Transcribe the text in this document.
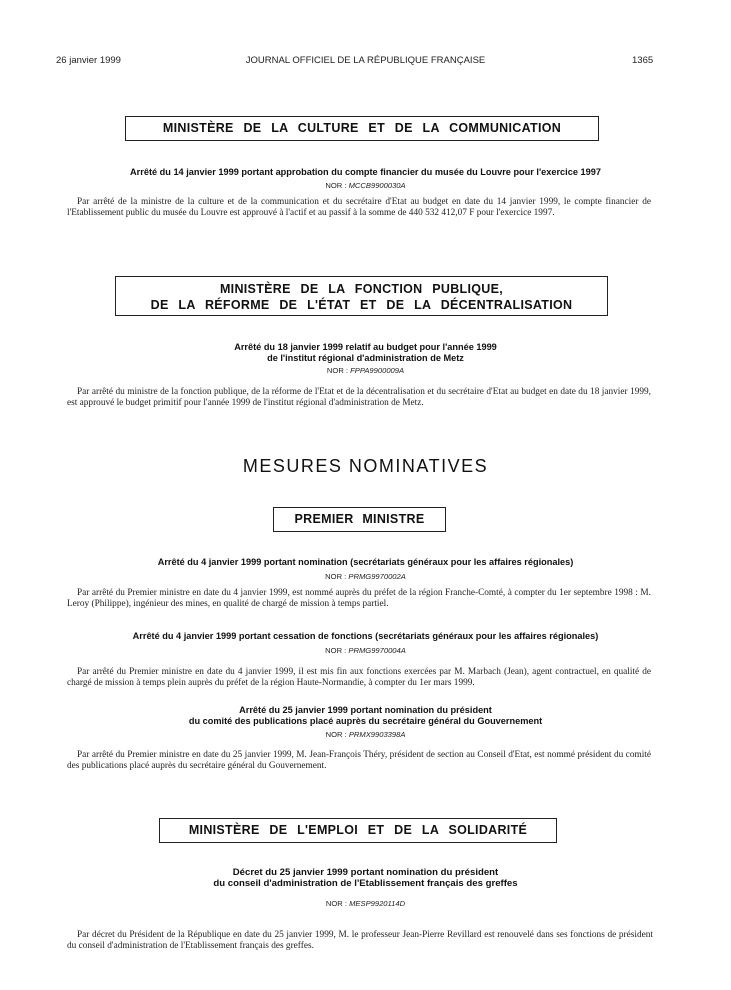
26 janvier 1999	JOURNAL OFFICIEL DE LA RÉPUBLIQUE FRANÇAISE	1365
MINISTÈRE DE LA CULTURE ET DE LA COMMUNICATION
Arrêté du 14 janvier 1999 portant approbation du compte financier du musée du Louvre pour l'exercice 1997
NOR : MCCB9900030A
Par arrêté de la ministre de la culture et de la communication et du secrétaire d'Etat au budget en date du 14 janvier 1999, le compte financier de l'Etablissement public du musée du Louvre est approuvé à l'actif et au passif à la somme de 440 532 412,07 F pour l'exercice 1997.
MINISTÈRE DE LA FONCTION PUBLIQUE,
DE LA RÉFORME DE L'ÉTAT ET DE LA DÉCENTRALISATION
Arrêté du 18 janvier 1999 relatif au budget pour l'année 1999
de l'institut régional d'administration de Metz
NOR : FPPA9900009A
Par arrêté du ministre de la fonction publique, de la réforme de l'Etat et de la décentralisation et du secrétaire d'Etat au budget en date du 18 janvier 1999, est approuvé le budget primitif pour l'année 1999 de l'institut régional d'administration de Metz.
MESURES NOMINATIVES
PREMIER MINISTRE
Arrêté du 4 janvier 1999 portant nomination (secrétariats généraux pour les affaires régionales)
NOR : PRMG9970002A
Par arrêté du Premier ministre en date du 4 janvier 1999, est nommé auprès du préfet de la région Franche-Comté, à compter du 1er septembre 1998 : M. Leroy (Philippe), ingénieur des mines, en qualité de chargé de mission à temps partiel.
Arrêté du 4 janvier 1999 portant cessation de fonctions (secrétariats généraux pour les affaires régionales)
NOR : PRMG9970004A
Par arrêté du Premier ministre en date du 4 janvier 1999, il est mis fin aux fonctions exercées par M. Marbach (Jean), agent contractuel, en qualité de chargé de mission à temps plein auprès du préfet de la région Haute-Normandie, à compter du 1er mars 1999.
Arrêté du 25 janvier 1999 portant nomination du président
du comité des publications placé auprès du secrétaire général du Gouvernement
NOR : PRMX9903398A
Par arrêté du Premier ministre en date du 25 janvier 1999, M. Jean-François Théry, président de section au Conseil d'Etat, est nommé président du comité des publications placé auprès du secrétaire général du Gouvernement.
MINISTÈRE DE L'EMPLOI ET DE LA SOLIDARITÉ
Décret du 25 janvier 1999 portant nomination du président
du conseil d'administration de l'Etablissement français des greffes
NOR : MESP9920114D
Par décret du Président de la République en date du 25 janvier 1999, M. le professeur Jean-Pierre Revillard est renouvelé dans ses fonctions de président du conseil d'administration de l'Etablissement français des greffes.
